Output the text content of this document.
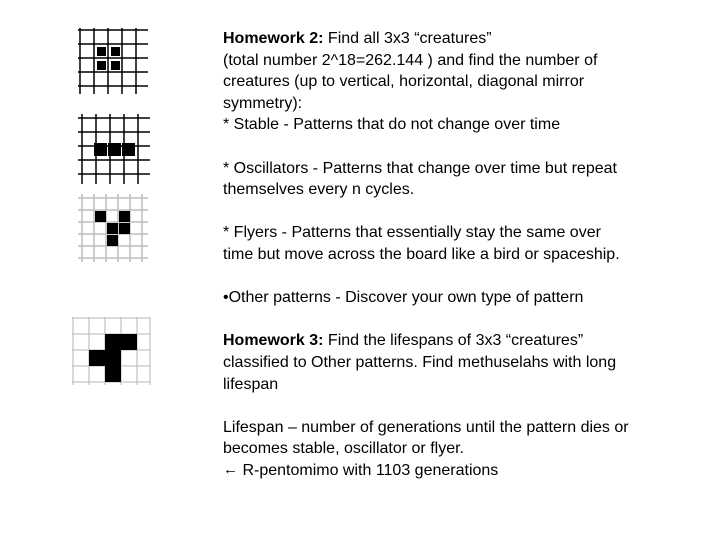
Homework 2: Find all 3x3 “creatures”

(total number 2^18=262.144 ) and find the number of

creatures (up to vertical, horizontal, diagonal mirror

symmetry):

* Stable - Patterns that do not change over time

* Oscillators - Patterns that change over time but repeat

themselves every n cycles.

* Flyers - Patterns that essentially stay the same over

time but move across the board like a bird or spaceship.

•Other patterns - Discover your own type of pattern

Homework 3: Find the lifespans of 3x3 “creatures”

classified to Other patterns. Find methuselahs with long

lifespan

Lifespan – number of generations until the pattern dies or

becomes stable, oscillator or flyer.

← R-pentomimo with 1103 generations
